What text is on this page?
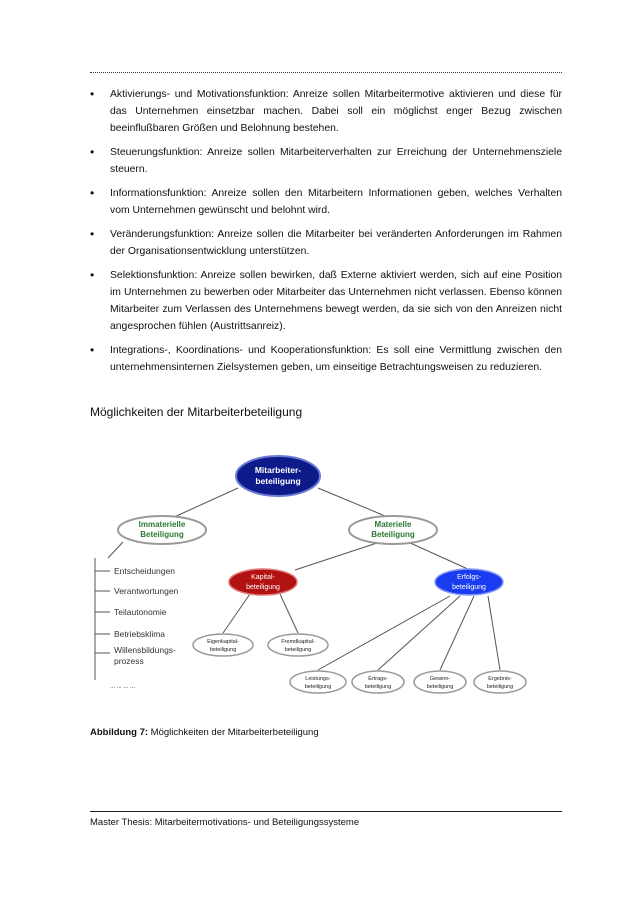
• Aktivierungs- und Motivationsfunktion: Anreize sollen Mitarbeitermotive aktivieren und diese für das Unternehmen einsetzbar machen. Dabei soll ein möglichst enger Bezug zwischen beeinflußbaren Größen und Belohnung bestehen.
• Steuerungsfunktion: Anreize sollen Mitarbeiterverhalten zur Erreichung der Unternehmensziele steuern.
• Informationsfunktion: Anreize sollen den Mitarbeitern Informationen geben, welches Verhalten vom Unternehmen gewünscht und belohnt wird.
• Veränderungsfunktion: Anreize sollen die Mitarbeiter bei veränderten Anforderungen im Rahmen der Organisationsentwicklung unterstützen.
• Selektionsfunktion: Anreize sollen bewirken, daß Externe aktiviert werden, sich auf eine Position im Unternehmen zu bewerben oder Mitarbeiter das Unternehmen nicht verlassen. Ebenso können Mitarbeiter zum Verlassen des Unternehmens bewegt werden, da sie sich von den Anreizen nicht angesprochen fühlen (Austrittsanreiz).
• Integrations-, Koordinations- und Kooperationsfunktion: Es soll eine Vermittlung zwischen den unternehmensinternen Zielsystemen geben, um einseitige Betrachtungsweisen zu reduzieren.
Möglichkeiten der Mitarbeiterbeteiligung
Mitarbeiter-
beteiligung
Immaterielle
Beteiligung
Materielle
Beteiligung
Entscheidungen
Verantwortungen
Teilautonomie
Betriebsklima
Willensbildungs-
prozess
... ... ... ...
Kapital-
beteiligung
Erfolgs-
beteiligung
Eigenkapital-
beteiligung
Fremdkapital-
beteiligung
Leistungs-
beteiligung
Ertrags-
beteiligung
Gewinn-
beteiligung
Ergebnis-
beteiligung
Abbildung 7: Möglichkeiten der Mitarbeiterbeteiligung
Master Thesis: Mitarbeitermotivations- und Beteiligungssysteme
